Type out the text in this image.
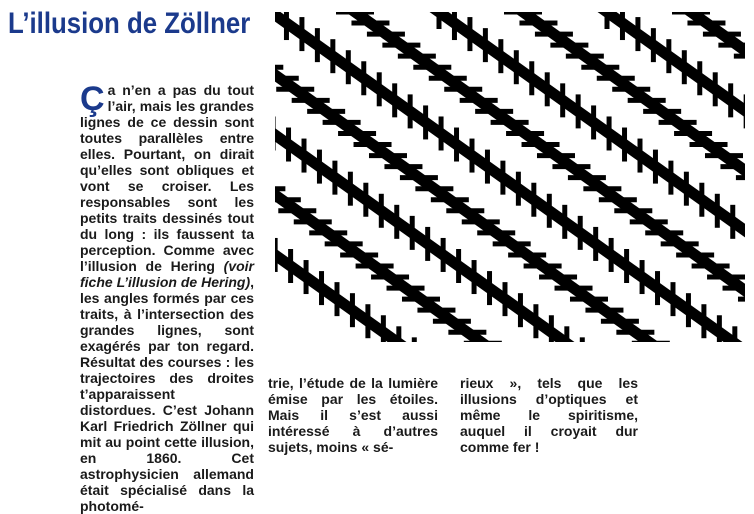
L’illusion de Zöllner

Ça n’en a pas du tout l’air, mais les grandes lignes de ce dessin sont toutes parallèles entre elles. Pourtant, on dirait qu’elles sont obliques et vont se croiser. Les responsables sont les petits traits dessinés tout du long : ils faussent ta perception. Comme avec l’illusion de Hering (voir fiche L’illusion de Hering), les angles formés par ces traits, à l’intersection des grandes lignes, sont exagérés par ton regard. Résultat des courses : les trajectoires des droites t’apparaissent distordues. C’est Johann Karl Friedrich Zöllner qui mit au point cette illusion, en 1860. Cet astrophysicien allemand était spécialisé dans la photomé-

trie, l’étude de la lumière émise par les étoiles. Mais il s’est aussi intéressé à d’autres sujets, moins « sé-

rieux », tels que les illusions d’optiques et même le spiritisme, auquel il croyait dur comme fer !
